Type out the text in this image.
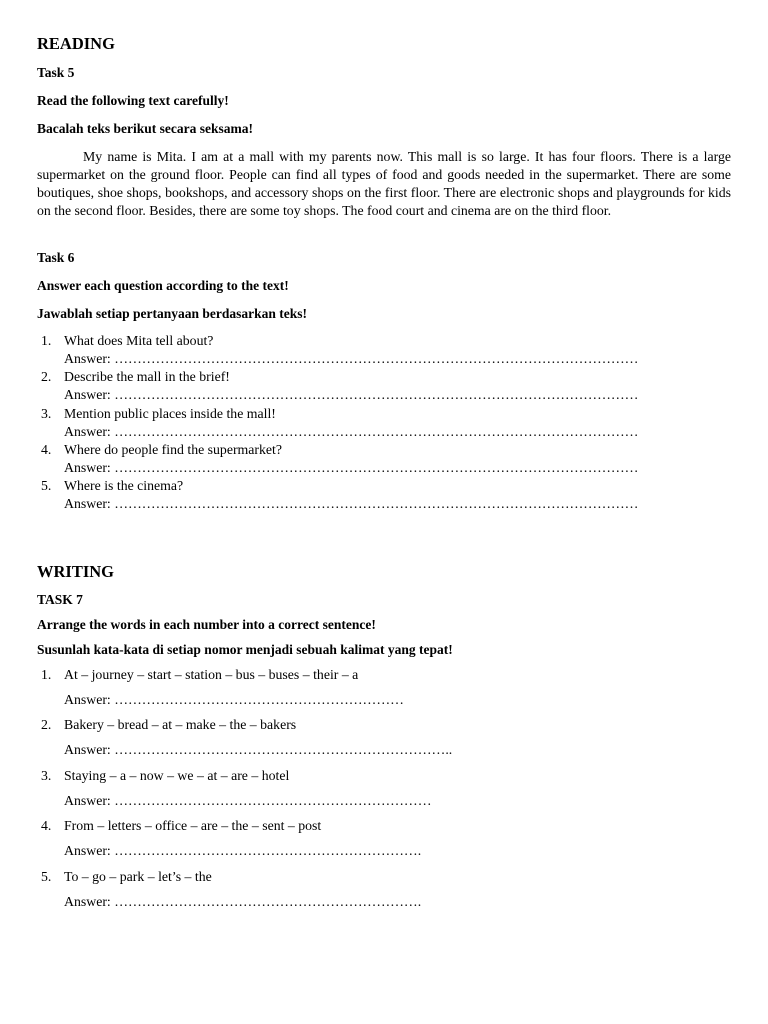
READING

Task 5

Read the following text carefully!

Bacalah teks berikut secara seksama!

My name is Mita. I am at a mall with my parents now. This mall is so large. It has four floors. There is a large supermarket on the ground floor. People can find all types of food and goods needed in the supermarket. There are some boutiques, shoe shops, bookshops, and accessory shops on the first floor. There are electronic shops and playgrounds for kids on the second floor. Besides, there are some toy shops. The food court and cinema are on the third floor.

Task 6

Answer each question according to the text!

Jawablah setiap pertanyaan berdasarkan teks!

1. What does Mita tell about?
Answer: ……………………………………………………………………………………………………
2. Describe the mall in the brief!
Answer: ……………………………………………………………………………………………………
3. Mention public places inside the mall!
Answer: ……………………………………………………………………………………………………
4. Where do people find the supermarket?
Answer: ……………………………………………………………………………………………………
5. Where is the cinema?
Answer: ……………………………………………………………………………………………………
WRITING

TASK 7

Arrange the words in each number into a correct sentence!

Susunlah kata-kata di setiap nomor menjadi sebuah kalimat yang tepat!

1. At – journey – start – station – bus – buses – their – a
Answer: ………………………………………………………
2. Bakery – bread – at – make – the – bakers
Answer: ………………………………………………………………..
3. Staying – a – now – we – at – are – hotel
Answer: ……………………………………………………………
4. From – letters – office – are – the – sent – post
Answer: ………………………………………………………….
5. To – go – park – let’s – the
Answer: ………………………………………………………….
